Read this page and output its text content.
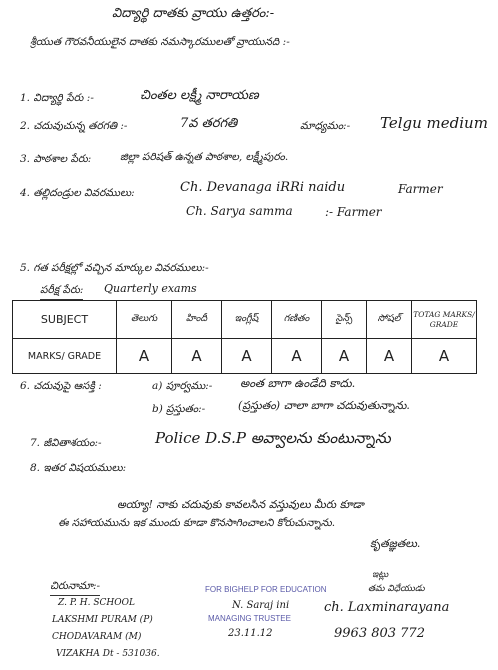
విద్యార్థి దాతకు వ్రాయు ఉత్తరం:-
శ్రీయుత గౌరవనీయులైన దాతకు నమస్కారములతో వ్రాయునది :-
1. విద్యార్థి పేరు :-	చింతల లక్ష్మీ నారాయణ
2. చదువుచున్న తరగతి :-	7వ తరగతి	మాధ్యమం:- Telgu medium
3. పాఠశాల పేరు:	జిల్లా పరిషత్ ఉన్నత పాఠశాల, లక్ష్మీపురం.
4. తల్లిదండ్రుల వివరములు:	Ch. Devanaga iRRi naidu	Farmer
Ch. Sarya samma	:- Farmer
5. గత పరీక్షల్లో వచ్చిన మార్కుల వివరములు:-
పరీక్ష పేరు: Quarterly exams
SUBJECT	తెలుగు	హిందీ	ఇంగ్లీష్	గణితం	సైన్స్	సోషల్	TOTAG MARKS/ GRADE
MARKS/ GRADE	A	A	A	A	A	A	A
6. చదువుపై ఆసక్తి :	a) పూర్వము:- అంత బాగా ఉండేది కాదు.
b) ప్రస్తుతం:-	(ప్రస్తుతం) చాలా బాగా చదువుతున్నాను.
7. జీవితాశయం:-	Police D.S.P అవ్వాలను కుంటున్నాను
8. ఇతర విషయములు:
అయ్యా! నాకు చదువుకు కావలసిన వస్తువులు మీరు కూడా
ఈ సహాయమును ఇక ముందు కూడా కొనసాగించాలని కోరుచున్నాను.
కృతజ్ఞతలు.
చిరునామా:-
Z. P. H. SCHOOL
LAKSHMI PURAM (P)
CHODAVARAM (M)
VIZAKHA Dt - 531036.
FOR BIGHELP FOR EDUCATION
N. Saraj ini
MANAGING TRUSTEE
23.11.12
ఇట్లు
తమ విధేయుడు
ch. Laxminarayana
9963 803 772
